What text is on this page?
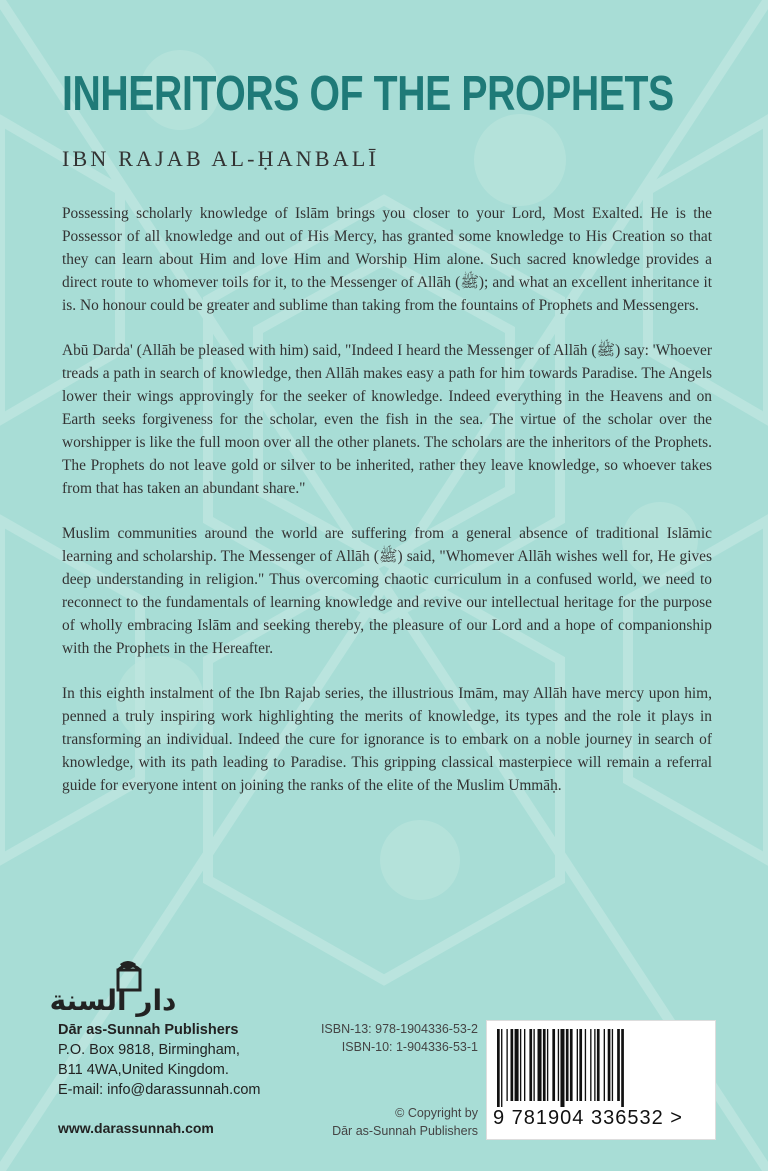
INHERITORS OF THE PROPHETS
IBN RAJAB AL-ḤANBALĪ

Possessing scholarly knowledge of Islām brings you closer to your Lord, Most Exalted. He is the Possessor of all knowledge and out of His Mercy, has granted some knowledge to His Creation so that they can learn about Him and love Him and Worship Him alone. Such sacred knowledge provides a direct route to whomever toils for it, to the Messenger of Allāh (ﷺ); and what an excellent inheritance it is. No honour could be greater and sublime than taking from the fountains of Prophets and Messengers.

Abū Darda' (Allāh be pleased with him) said, "Indeed I heard the Messenger of Allāh (ﷺ) say: 'Whoever treads a path in search of knowledge, then Allāh makes easy a path for him towards Paradise. The Angels lower their wings approvingly for the seeker of knowledge. Indeed everything in the Heavens and on Earth seeks forgiveness for the scholar, even the fish in the sea. The virtue of the scholar over the worshipper is like the full moon over all the other planets. The scholars are the inheritors of the Prophets. The Prophets do not leave gold or silver to be inherited, rather they leave knowledge, so whoever takes from that has taken an abundant share."

Muslim communities around the world are suffering from a general absence of traditional Islāmic learning and scholarship. The Messenger of Allāh (ﷺ) said, "Whomever Allāh wishes well for, He gives deep understanding in religion." Thus overcoming chaotic curriculum in a confused world, we need to reconnect to the fundamentals of learning knowledge and revive our intellectual heritage for the purpose of wholly embracing Islām and seeking thereby, the pleasure of our Lord and a hope of companionship with the Prophets in the Hereafter.

In this eighth instalment of the Ibn Rajab series, the illustrious Imām, may Allāh have mercy upon him, penned a truly inspiring work highlighting the merits of knowledge, its types and the role it plays in transforming an individual. Indeed the cure for ignorance is to embark on a noble journey in search of knowledge, with its path leading to Paradise. This gripping classical masterpiece will remain a referral guide for everyone intent on joining the ranks of the elite of the Muslim Ummāḥ.

دار السنة
Dār as-Sunnah Publishers
P.O. Box 9818, Birmingham,
B11 4WA,United Kingdom.
E-mail: info@darassunnah.com
www.darassunnah.com
ISBN-13: 978-1904336-53-2
ISBN-10: 1-904336-53-1
© Copyright by
Dār as-Sunnah Publishers
9 781904 336532 >
